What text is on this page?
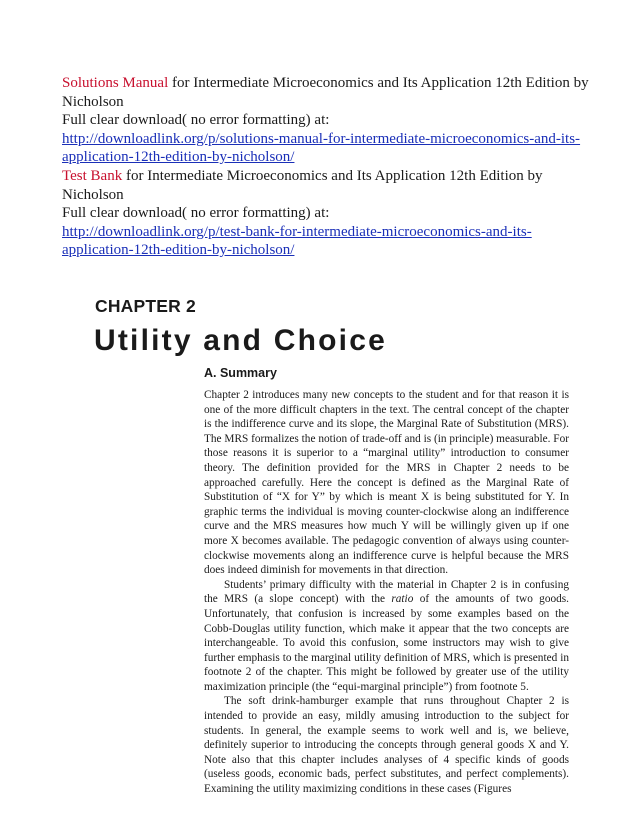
Solutions Manual for Intermediate Microeconomics and Its Application 12th Edition by Nicholson

Full clear download( no error formatting) at:

http://downloadlink.org/p/solutions-manual-for-intermediate-microeconomics-and-its-application-12th-edition-by-nicholson/

Test Bank for Intermediate Microeconomics and Its Application 12th Edition by Nicholson

Full clear download( no error formatting) at:

http://downloadlink.org/p/test-bank-for-intermediate-microeconomics-and-its-application-12th-edition-by-nicholson/

CHAPTER 2
Utility and Choice
A. Summary

Chapter 2 introduces many new concepts to the student and for that reason it is one of the more difficult chapters in the text. The central concept of the chapter is the indifference curve and its slope, the Marginal Rate of Substitution (MRS). The MRS formalizes the notion of trade-off and is (in principle) measurable. For those reasons it is superior to a “marginal utility” introduction to consumer theory. The definition provided for the MRS in Chapter 2 needs to be approached carefully. Here the concept is defined as the Marginal Rate of Substitution of “X for Y” by which is meant X is being substituted for Y. In graphic terms the individual is moving counter-clockwise along an indifference curve and the MRS measures how much Y will be willingly given up if one more X becomes available. The pedagogic convention of always using counter-clockwise movements along an indifference curve is helpful because the MRS does indeed diminish for movements in that direction.

Students’ primary difficulty with the material in Chapter 2 is in confusing the MRS (a slope concept) with the ratio of the amounts of two goods. Unfortunately, that confusion is increased by some examples based on the Cobb-Douglas utility function, which make it appear that the two concepts are interchangeable. To avoid this confusion, some instructors may wish to give further emphasis to the marginal utility definition of MRS, which is presented in footnote 2 of the chapter. This might be followed by greater use of the utility maximization principle (the “equi-marginal principle”) from footnote 5.

The soft drink-hamburger example that runs throughout Chapter 2 is intended to provide an easy, mildly amusing introduction to the subject for students. In general, the example seems to work well and is, we believe, definitely superior to introducing the concepts through general goods X and Y. Note also that this chapter includes analyses of 4 specific kinds of goods (useless goods, economic bads, perfect substitutes, and perfect complements). Examining the utility maximizing conditions in these cases (Figures
